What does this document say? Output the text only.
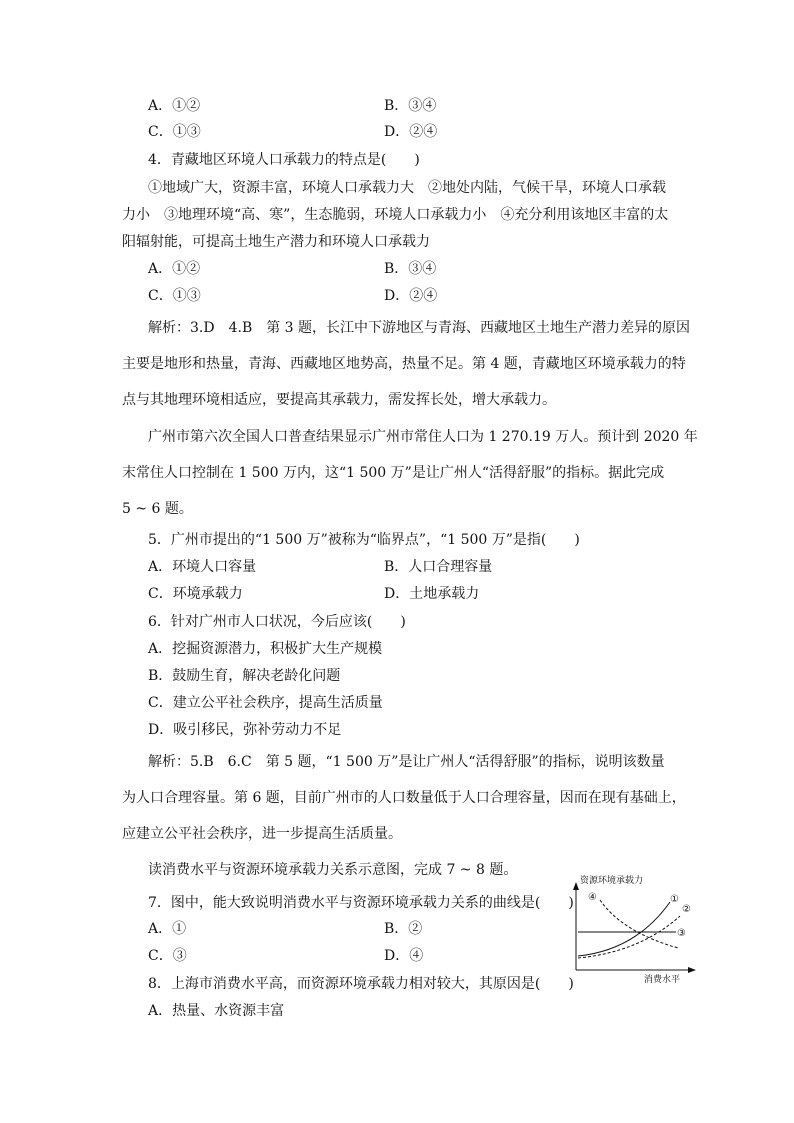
A．①②	B．③④
C．①③	D．②④
4．青藏地区环境人口承载力的特点是(　　)
①地域广大，资源丰富，环境人口承载力大　②地处内陆，气候干旱，环境人口承载
力小　③地理环境“高、寒”，生态脆弱，环境人口承载力小　④充分利用该地区丰富的太
阳辐射能，可提高土地生产潜力和环境人口承载力
A．①②	B．③④
C．①③	D．②④
解析：3.D　4.B　第 3 题，长江中下游地区与青海、西藏地区土地生产潜力差异的原因
主要是地形和热量，青海、西藏地区地势高，热量不足。第 4 题，青藏地区环境承载力的特
点与其地理环境相适应，要提高其承载力，需发挥长处，增大承载力。
广州市第六次全国人口普查结果显示广州市常住人口为 1 270.19 万人。预计到 2020 年
末常住人口控制在 1 500 万内，这“1 500 万”是让广州人“活得舒服”的指标。据此完成
5 ~ 6 题。
5．广州市提出的“1 500 万”被称为“临界点”，“1 500 万”是指(　　)
A．环境人口容量	B．人口合理容量
C．环境承载力	D．土地承载力
6．针对广州市人口状况，今后应该(　　)
A．挖掘资源潜力，积极扩大生产规模
B．鼓励生育，解决老龄化问题
C．建立公平社会秩序，提高生活质量
D．吸引移民，弥补劳动力不足
解析：5.B　6.C　第 5 题，“1 500 万”是让广州人“活得舒服”的指标，说明该数量
为人口合理容量。第 6 题，目前广州市的人口数量低于人口合理容量，因而在现有基础上，
应建立公平社会秩序，进一步提高生活质量。
读消费水平与资源环境承载力关系示意图，完成 7 ~ 8 题。
7．图中，能大致说明消费水平与资源环境承载力关系的曲线是(　　)
A．①	B．②
C．③	D．④
8．上海市消费水平高，而资源环境承载力相对较大，其原因是(　　)
A．热量、水资源丰富
资源环境承载力
消费水平
①
②
③
④
